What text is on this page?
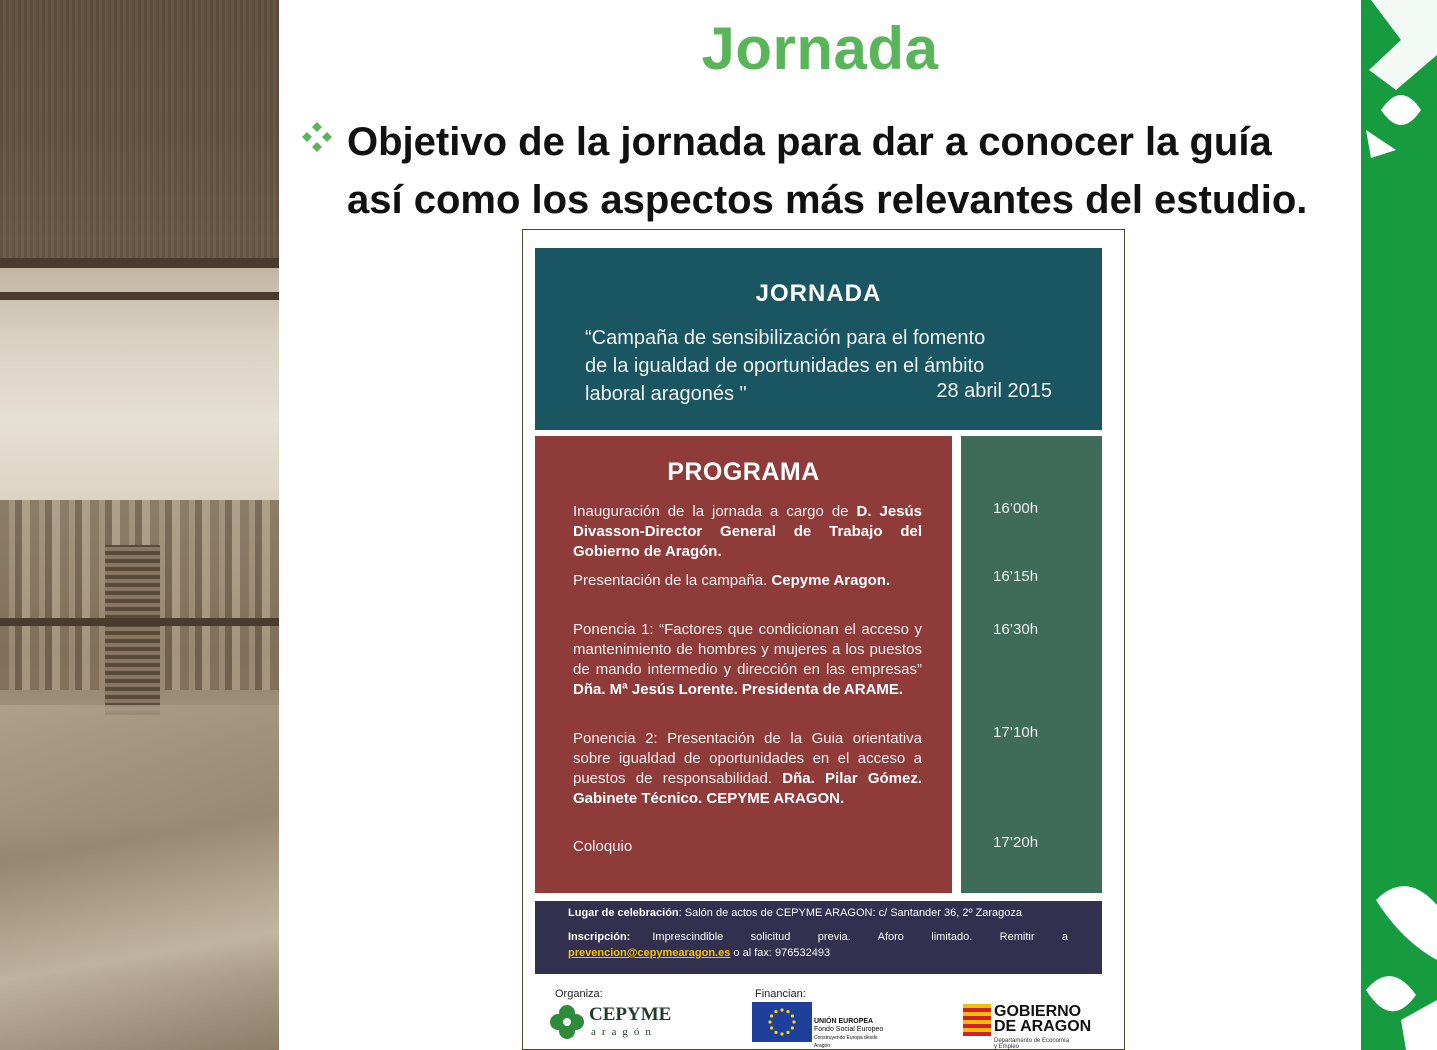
Jornada
Objetivo de la jornada para dar a conocer la guía
así como los aspectos más relevantes del estudio.
JORNADA
“Campaña de sensibilización para el fomento
de la igualdad de oportunidades en el ámbito
laboral aragonés "	28 abril 2015
PROGRAMA
Inauguración de la jornada a cargo de D. Jesús Divasson-Director General de Trabajo del Gobierno de Aragón.
Presentación de la campaña. Cepyme Aragon.
Ponencia 1: “Factores que condicionan el acceso y mantenimiento de hombres y mujeres a los puestos de mando intermedio y dirección en las empresas” Dña. Mª Jesús Lorente. Presidenta de ARAME.
Ponencia 2: Presentación de la Guia orientativa sobre igualdad de oportunidades en el acceso a puestos de responsabilidad. Dña. Pilar Gómez. Gabinete Técnico. CEPYME ARAGON.
Coloquio
16’00h
16’15h
16’30h
17’10h
17’20h
Lugar de celebración: Salón de actos de CEPYME ARAGON: c/ Santander 36, 2º Zaragoza
Inscripción: Imprescindible solicitud previa. Aforo limitado. Remitir a
prevencion@cepymearagon.es o al fax: 976532493
Organiza:	Financian:
CEPYME
aragón
UNIÓN EUROPEA
Fondo Social Europeo
Construyendo Europa desde Aragón
GOBIERNO
DE ARAGON
Departamento de Economía
y Empleo
